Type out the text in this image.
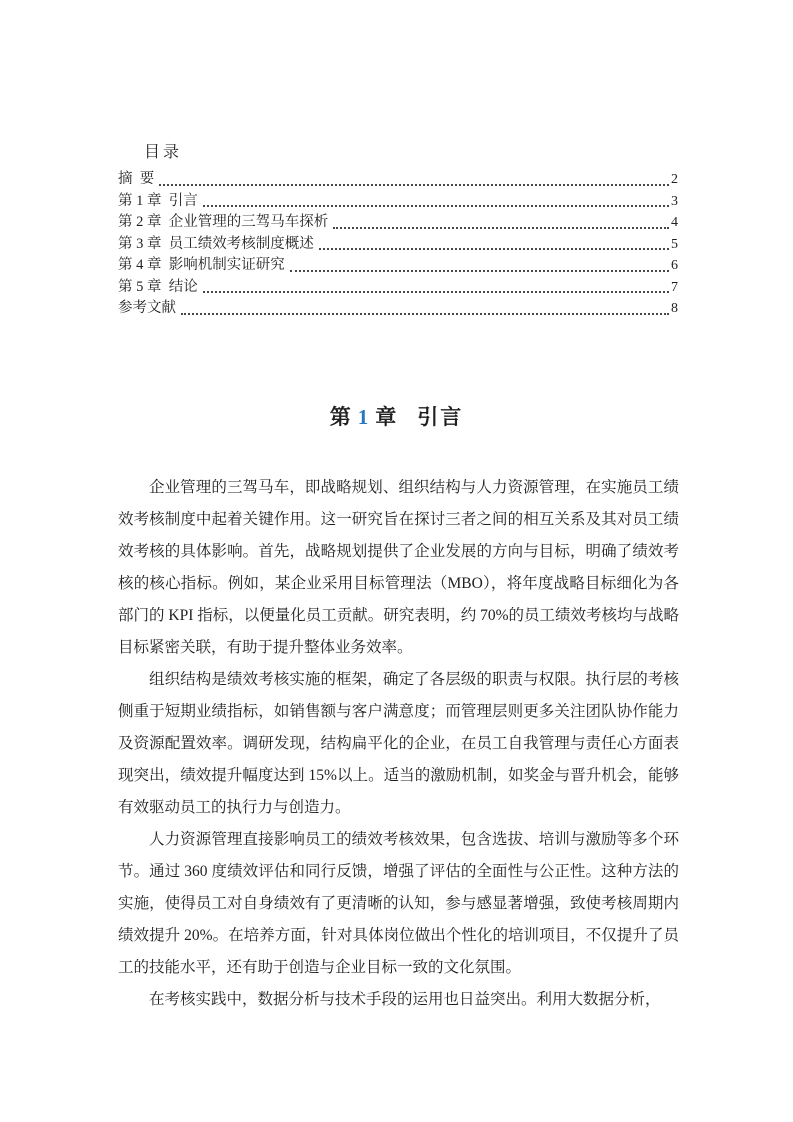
目录
摘  要	2
第 1 章  引言	3
第 2 章  企业管理的三驾马车探析	4
第 3 章  员工绩效考核制度概述	5
第 4 章  影响机制实证研究	6
第 5 章  结论	7
参考文献	8
第 1 章 引言

企业管理的三驾马车，即战略规划、组织结构与人力资源管理，在实施员工绩效考核制度中起着关键作用。这一研究旨在探讨三者之间的相互关系及其对员工绩效考核的具体影响。首先，战略规划提供了企业发展的方向与目标，明确了绩效考核的核心指标。例如，某企业采用目标管理法（MBO），将年度战略目标细化为各部门的 KPI 指标，以便量化员工贡献。研究表明，约 70%的员工绩效考核均与战略目标紧密关联，有助于提升整体业务效率。

组织结构是绩效考核实施的框架，确定了各层级的职责与权限。执行层的考核侧重于短期业绩指标，如销售额与客户满意度；而管理层则更多关注团队协作能力及资源配置效率。调研发现，结构扁平化的企业，在员工自我管理与责任心方面表现突出，绩效提升幅度达到 15%以上。适当的激励机制，如奖金与晋升机会，能够有效驱动员工的执行力与创造力。

人力资源管理直接影响员工的绩效考核效果，包含选拔、培训与激励等多个环节。通过 360 度绩效评估和同行反馈，增强了评估的全面性与公正性。这种方法的实施，使得员工对自身绩效有了更清晰的认知，参与感显著增强，致使考核周期内绩效提升 20%。在培养方面，针对具体岗位做出个性化的培训项目，不仅提升了员工的技能水平，还有助于创造与企业目标一致的文化氛围。

在考核实践中，数据分析与技术手段的运用也日益突出。利用大数据分析，
